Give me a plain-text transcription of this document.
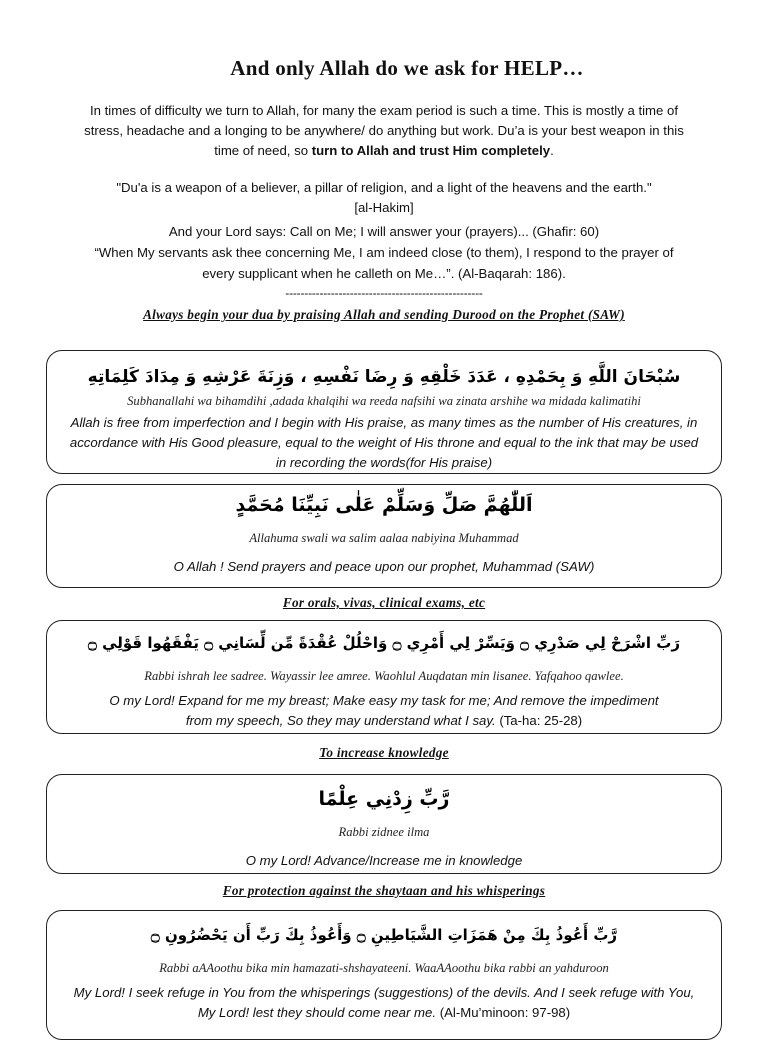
And only Allah do we ask for HELP…
In times of difficulty we turn to Allah, for many the exam period is such a time. This is mostly a time of stress, headache and a longing to be anywhere/ do anything but work. Du’a is your best weapon in this time of need, so turn to Allah and trust Him completely.
"Du'a is a weapon of a believer, a pillar of religion, and a light of the heavens and the earth."
[al-Hakim]
And your Lord says: Call on Me; I will answer your (prayers)... (Ghafir: 60)
“When My servants ask thee concerning Me, I am indeed close (to them), I respond to the prayer of every supplicant when he calleth on Me…”. (Al-Baqarah: 186).
----------------------------------------------------
Always begin your dua by praising Allah and sending Durood on the Prophet (SAW)
سُبْحَانَ اللَّهِ وَ بِحَمْدِهِ ، عَدَدَ خَلْقِهِ وَ رِضَا نَفْسِهِ ، وَزِنَةَ عَرْشِهِ وَ مِدَادَ كَلِمَاتِهِ
Subhanallahi wa bihamdihi ,adada khalqihi wa reeda nafsihi wa zinata arshihe wa midada kalimatihi
Allah is free from imperfection and I begin with His praise, as many times as the number of His creatures, in accordance with His Good pleasure, equal to the weight of His throne and equal to the ink that may be used in recording the words(for His praise)
اَللّٰهُمَّ صَلِّ وَسَلِّمْ عَلٰى نَبِيِّنَا مُحَمَّدٍ
Allahuma swali wa salim aalaa nabiyina Muhammad
O Allah ! Send prayers and peace upon our prophet, Muhammad (SAW)
For orals, vivas, clinical exams, etc
رَبِّ اشْرَحْ لِي صَدْرِي ۝ وَيَسِّرْ لِي أَمْرِي ۝ وَاحْلُلْ عُقْدَةً مِّن لِّسَانِي ۝ يَفْقَهُوا قَوْلِي ۝
Rabbi ishrah lee sadree. Wayassir lee amree. Waohlul Auqdatan min lisanee. Yafqahoo qawlee.
O my Lord! Expand for me my breast; Make easy my task for me; And remove the impediment from my speech, So they may understand what I say. (Ta-ha: 25-28)
To increase knowledge
رَّبِّ زِدْنِي عِلْمًا
Rabbi zidnee ilma
O my Lord! Advance/Increase me in knowledge
For protection against the shaytaan and his whisperings
رَّبِّ أَعُوذُ بِكَ مِنْ هَمَزَاتِ الشَّيَاطِينِ ۝ وَأَعُوذُ بِكَ رَبِّ أَن يَحْضُرُونِ ۝
Rabbi aAAoothu bika min hamazati-shshayateeni. WaaAAoothu bika rabbi an yahduroon
My Lord! I seek refuge in You from the whisperings (suggestions) of the devils. And I seek refuge with You, My Lord! lest they should come near me. (Al-Mu’minoon: 97-98)
